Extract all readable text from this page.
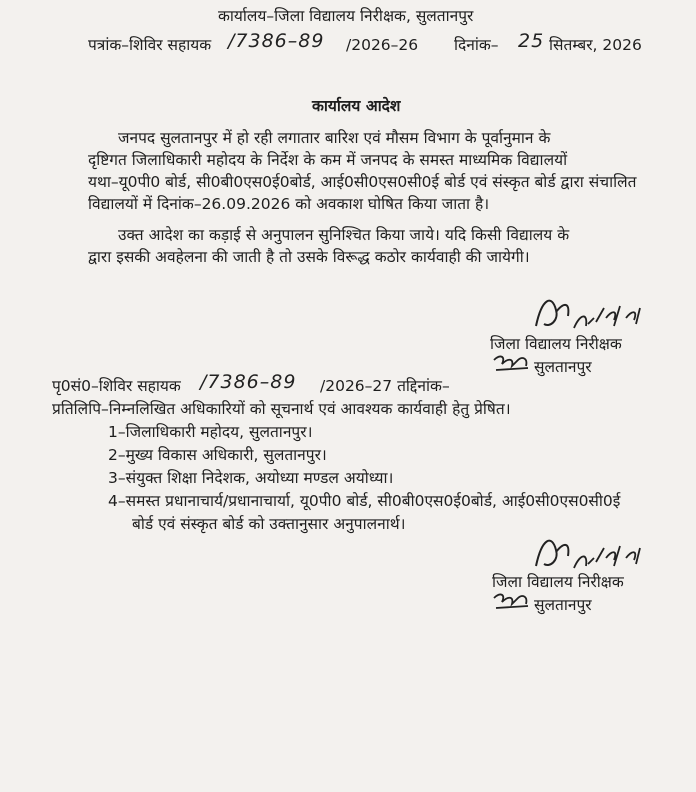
कार्यालय–जिला विद्यालय निरीक्षक, सुलतानपुर
पत्रांक–शिविर सहायक /7386–89 /2026–26 दिनांक– 25 सितम्बर, 2026
कार्यालय आदेश
जनपद सुलतानपुर में हो रही लगातार बारिश एवं मौसम विभाग के पूर्वानुमान के
दृष्टिगत जिलाधिकारी महोदय के निर्देश के कम में जनपद के समस्त माध्यमिक विद्यालयों
यथा–यू0पी0 बोर्ड, सी0बी0एस0ई0बोर्ड, आई0सी0एस0सी0ई बोर्ड एवं संस्कृत बोर्ड द्वारा संचालित
विद्यालयों में दिनांक–26.09.2026 को अवकाश घोषित किया जाता है।
उक्त आदेश का कड़ाई से अनुपालन सुनिश्चित किया जाये। यदि किसी विद्यालय के
द्वारा इसकी अवहेलना की जाती है तो उसके विरूद्ध कठोर कार्यवाही की जायेगी।
जिला विद्यालय निरीक्षक
सुलतानपुर
पृ0सं0–शिविर सहायक /7386–89 /2026–27 तद्दिनांक–
प्रतिलिपि–निम्नलिखित अधिकारियों को सूचनार्थ एवं आवश्यक कार्यवाही हेतु प्रेषित।
1–जिलाधिकारी महोदय, सुलतानपुर।
2–मुख्य विकास अधिकारी, सुलतानपुर।
3–संयुक्त शिक्षा निदेशक, अयोध्या मण्डल अयोध्या।
4–समस्त प्रधानाचार्य/प्रधानाचार्या, यू0पी0 बोर्ड, सी0बी0एस0ई0बोर्ड, आई0सी0एस0सी0ई
बोर्ड एवं संस्कृत बोर्ड को उक्तानुसार अनुपालनार्थ।
जिला विद्यालय निरीक्षक
सुलतानपुर
